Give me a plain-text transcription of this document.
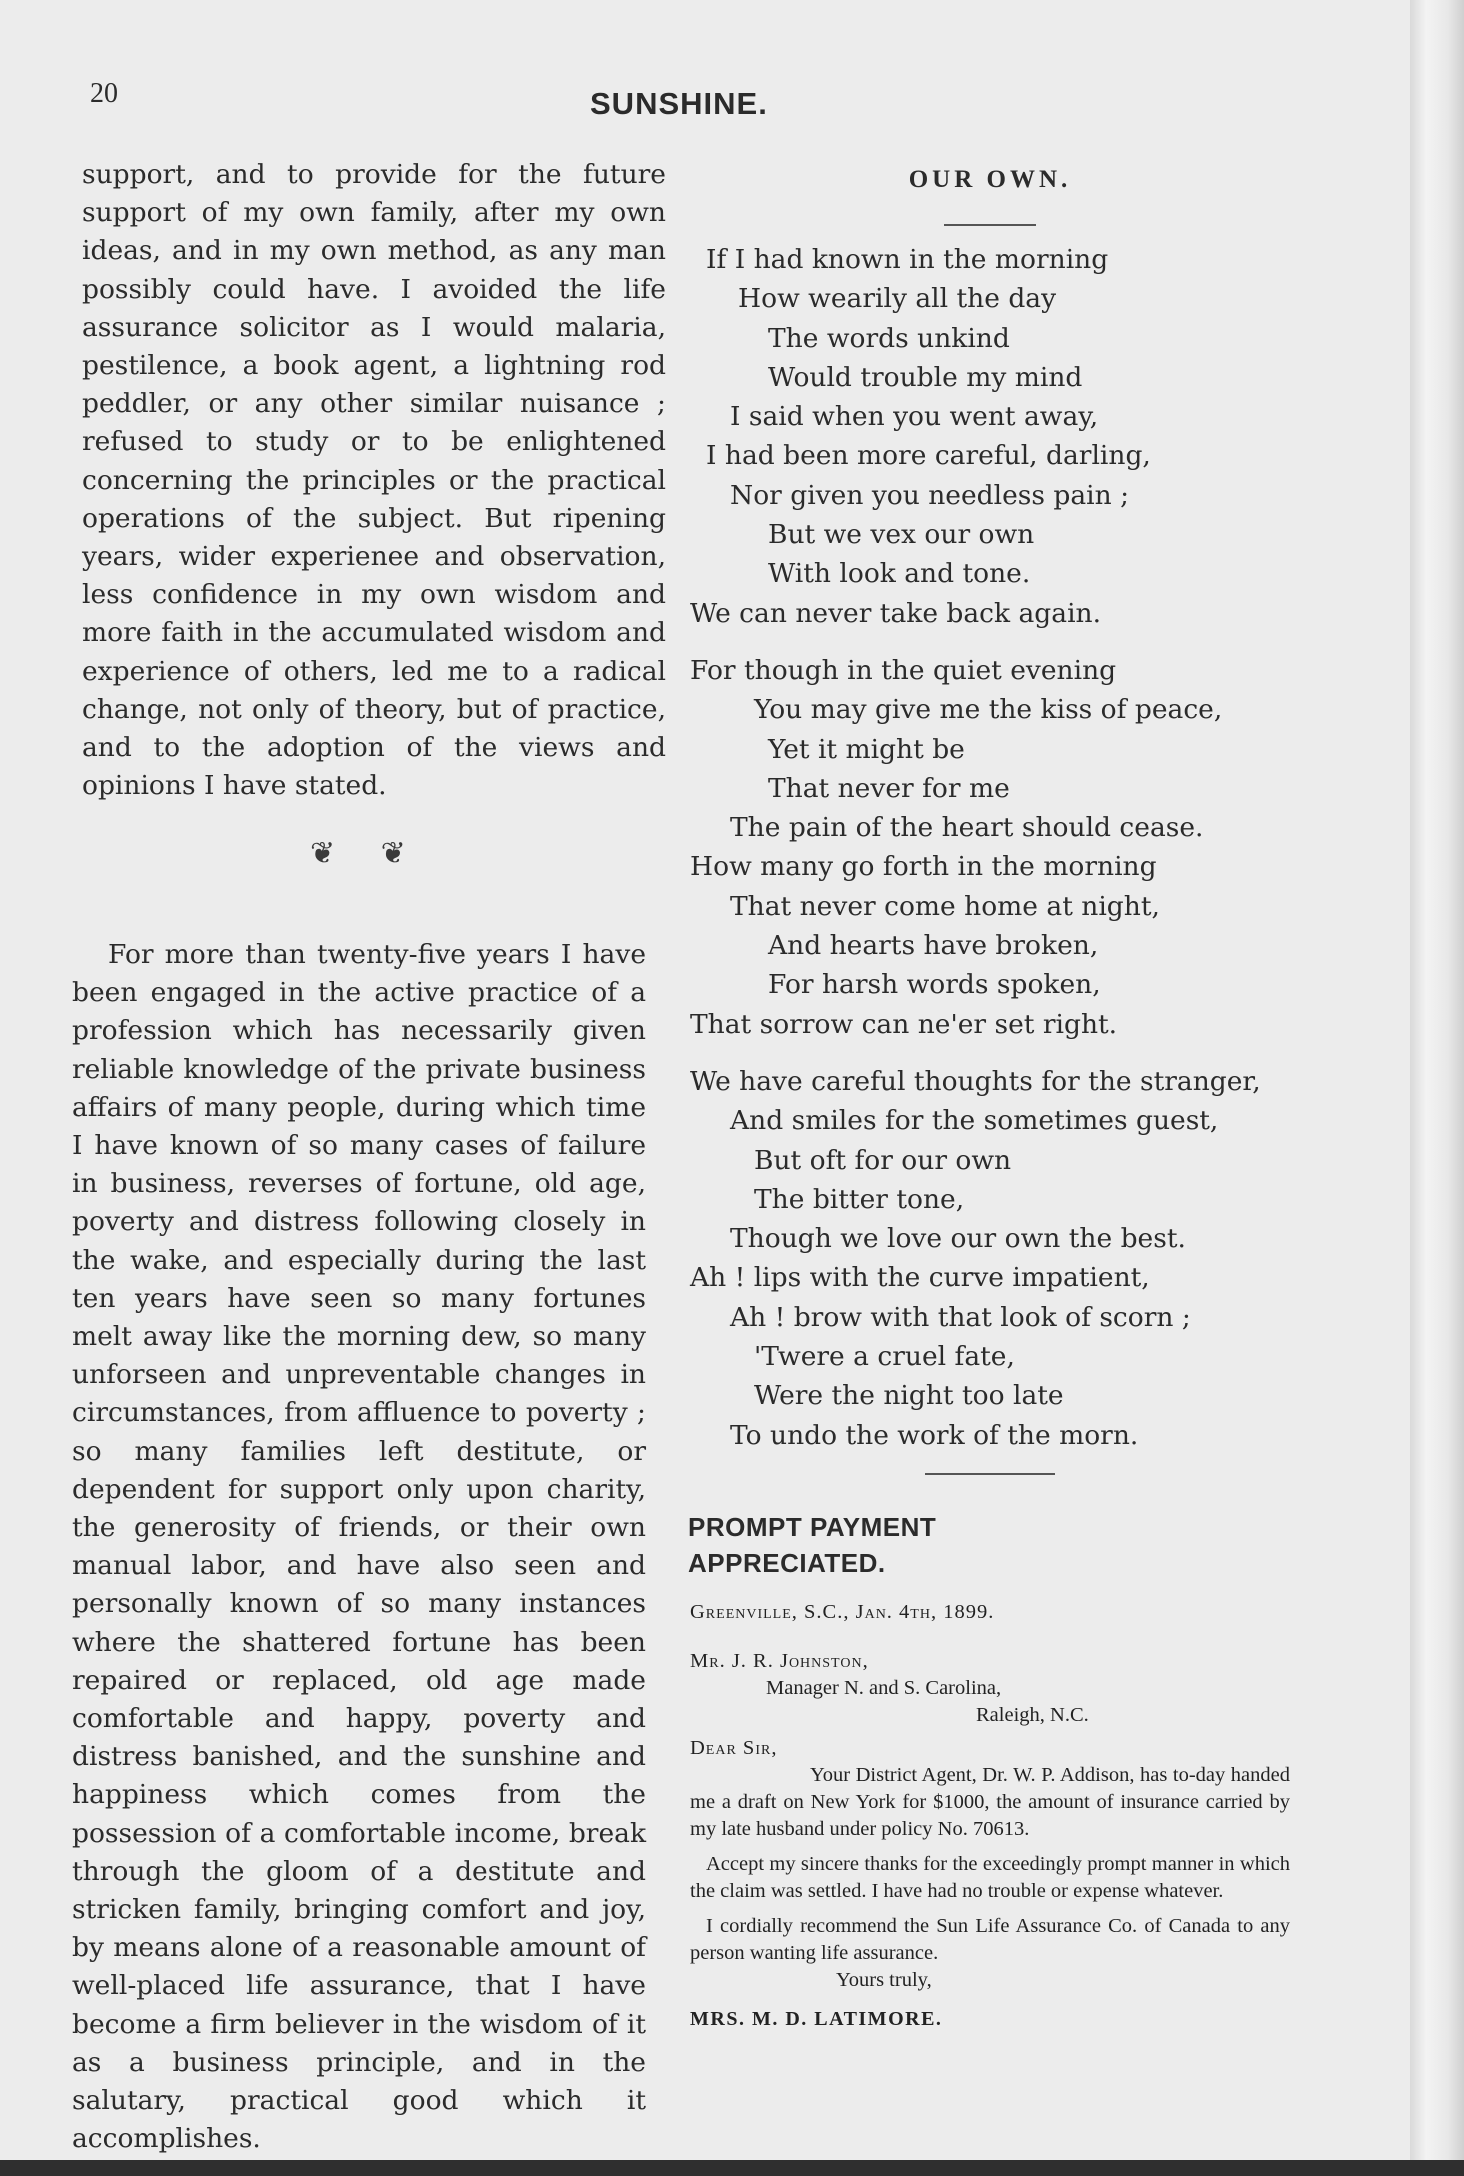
20	SUNSHINE.

support, and to provide for the future support of my own family, after my own ideas, and in my own method, as any man possibly could have. I avoided the life assurance solicitor as I would malaria, pestilence, a book agent, a lightning rod peddler, or any other similar nuisance ; refused to study or to be enlightened concerning the principles or the practical operations of the subject. But ripening years, wider experienee and observation, less confidence in my own wisdom and more faith in the accumulated wisdom and experience of others, led me to a radical change, not only of theory, but of practice, and to the adoption of the views and opinions I have stated.

❦ ❦

For more than twenty-five years I have been engaged in the active practice of a profession which has necessarily given reliable knowledge of the private business affairs of many people, during which time I have known of so many cases of failure in business, reverses of fortune, old age, poverty and distress following closely in the wake, and especially during the last ten years have seen so many fortunes melt away like the morning dew, so many unforseen and unpreventable changes in circumstances, from affluence to poverty ; so many families left destitute, or dependent for support only upon charity, the generosity of friends, or their own manual labor, and have also seen and personally known of so many instances where the shattered fortune has been repaired or replaced, old age made comfortable and happy, poverty and distress banished, and the sunshine and happiness which comes from the possession of a comfortable income, break through the gloom of a destitute and stricken family, bringing comfort and joy, by means alone of a reasonable amount of well-placed life assurance, that I have become a firm believer in the wisdom of it as a business principle, and in the salutary, practical good which it accomplishes.

OUR OWN.
If I had known in the morning
How wearily all the day
The words unkind
Would trouble my mind
I said when you went away,
I had been more careful, darling,
Nor given you needless pain ;
But we vex our own
With look and tone.
We can never take back again.
For though in the quiet evening
You may give me the kiss of peace,
Yet it might be
That never for me
The pain of the heart should cease.
How many go forth in the morning
That never come home at night,
And hearts have broken,
For harsh words spoken,
That sorrow can ne'er set right.
We have careful thoughts for the stranger,
And smiles for the sometimes guest,
But oft for our own
The bitter tone,
Though we love our own the best.
Ah ! lips with the curve impatient,
Ah ! brow with that look of scorn ;
'Twere a cruel fate,
Were the night too late
To undo the work of the morn.
PROMPT PAYMENT
APPRECIATED.

Greenville, S.C., Jan. 4th, 1899.

Mr. J. R. Johnston,

Manager N. and S. Carolina,

Raleigh, N.C.

Dear Sir,

Your District Agent, Dr. W. P. Addison, has to-day handed me a draft on New York for $1000, the amount of insurance carried by my late husband under policy No. 70613.

Accept my sincere thanks for the exceedingly prompt manner in which the claim was settled. I have had no trouble or expense whatever.

I cordially recommend the Sun Life Assurance Co. of Canada to any person wanting life assurance.

Yours truly,

MRS. M. D. LATIMORE.
